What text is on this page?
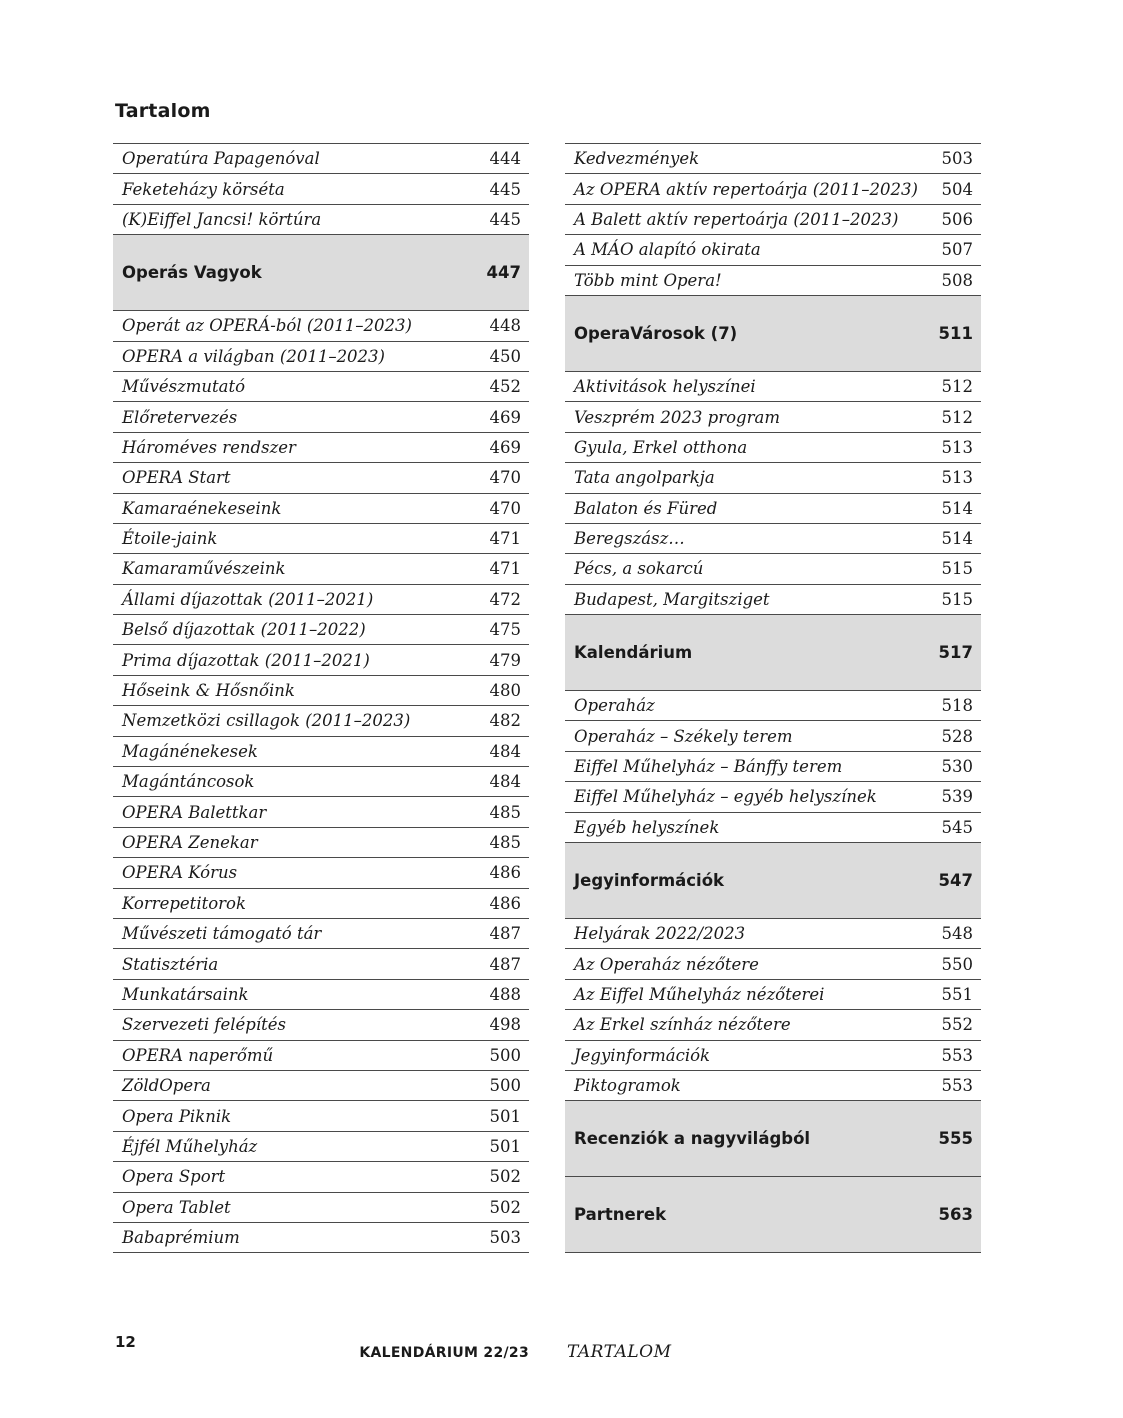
Tartalom
Operatúra Papagenóval	444
Feketeházy körséta	445
(K)Eiffel Jancsi! körtúra	445
Operás Vagyok	447
Operát az OPERÁ-ból (2011–2023)	448
OPERA a világban (2011–2023)	450
Művészmutató	452
Előretervezés	469
Hároméves rendszer	469
OPERA Start	470
Kamaraénekeseink	470
Étoile-jaink	471
Kamaraművészeink	471
Állami díjazottak (2011–2021)	472
Belső díjazottak (2011–2022)	475
Prima díjazottak (2011–2021)	479
Hőseink & Hősnőink	480
Nemzetközi csillagok (2011–2023)	482
Magánénekesek	484
Magántáncosok	484
OPERA Balettkar	485
OPERA Zenekar	485
OPERA Kórus	486
Korrepetitorok	486
Művészeti támogató tár	487
Statisztéria	487
Munkatársaink	488
Szervezeti felépítés	498
OPERA naperőmű	500
ZöldOpera	500
Opera Piknik	501
Éjfél Műhelyház	501
Opera Sport	502
Opera Tablet	502
Babaprémium	503
Kedvezmények	503
Az OPERA aktív repertoárja (2011–2023) 504
A Balett aktív repertoárja (2011–2023)	506
A MÁO alapító okirata	507
Több mint Opera!	508
OperaVárosok (7)	511
Aktivitások helyszínei	512
Veszprém 2023 program	512
Gyula, Erkel otthona	513
Tata angolparkja	513
Balaton és Füred	514
Beregszász…	514
Pécs, a sokarcú	515
Budapest, Margitsziget	515
Kalendárium	517
Operaház	518
Operaház – Székely terem	528
Eiffel Műhelyház – Bánffy terem	530
Eiffel Műhelyház – egyéb helyszínek	539
Egyéb helyszínek	545
Jegyinformációk	547
Helyárak 2022/2023	548
Az Operaház nézőtere	550
Az Eiffel Műhelyház nézőterei	551
Az Erkel színház nézőtere	552
Jegyinformációk	553
Piktogramok	553
Recenziók a nagyvilágból	555
Partnerek	563
12
KALENDÁRIUM 22/23 TARTALOM
